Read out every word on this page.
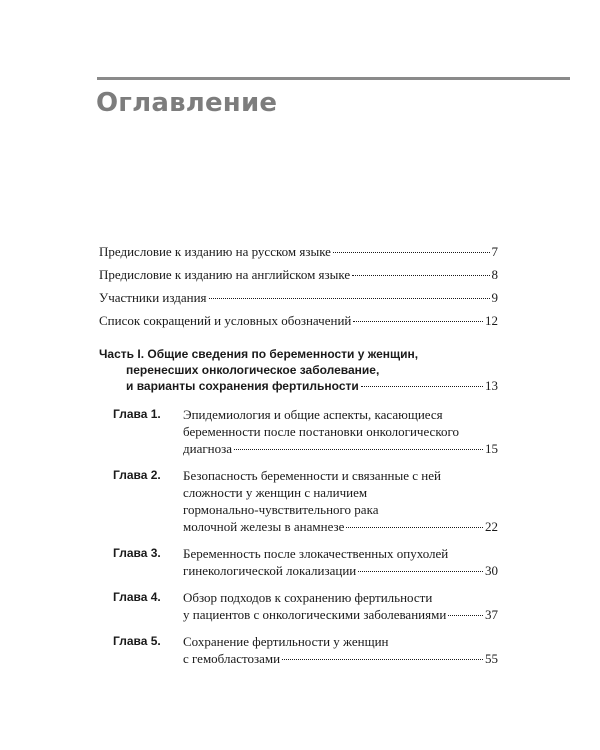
Оглавление
Предисловие к изданию на русском языке	7
Предисловие к изданию на английском языке	8
Участники издания	9
Список сокращений и условных обозначений	12
Часть I. Общие сведения по беременности у женщин,
перенесших онкологическое заболевание,
и варианты сохранения фертильности	13
Глава 1.	Эпидемиология и общие аспекты, касающиеся
беременности после постановки онкологического
диагноза	15
Глава 2.	Безопасность беременности и связанные с ней
сложности у женщин с наличием
гормонально-чувствительного рака
молочной железы в анамнезе	22
Глава 3.	Беременность после злокачественных опухолей
гинекологической локализации	30
Глава 4.	Обзор подходов к сохранению фертильности
у пациентов с онкологическими заболеваниями	37
Глава 5.	Сохранение фертильности у женщин
с гемобластозами	55
